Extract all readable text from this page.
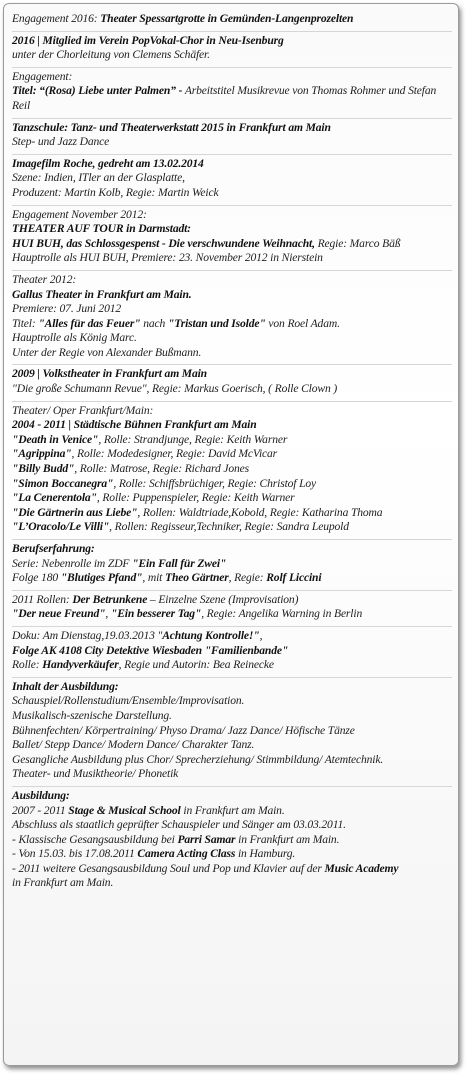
Engagement 2016: Theater Spessartgrotte in Gemünden-Langenprozelten
2016 | Mitglied im Verein PopVokal-Chor in Neu-Isenburg
unter der Chorleitung von Clemens Schäfer.
Engagement:
Titel: “(Rosa) Liebe unter Palmen” - Arbeitstitel Musikrevue von Thomas Rohmer und Stefan Reil
Tanzschule: Tanz- und Theaterwerkstatt 2015 in Frankfurt am Main
Step- und Jazz Dance
Imagefilm Roche, gedreht am 13.02.2014
Szene: Indien, ITler an der Glasplatte,
Produzent: Martin Kolb, Regie: Martin Weick
Engagement November 2012:
THEATER AUF TOUR in Darmstadt:
HUI BUH, das Schlossgespenst - Die verschwundene Weihnacht, Regie: Marco Bäß
Hauptrolle als HUI BUH, Premiere: 23. November 2012 in Nierstein
Theater 2012:
Gallus Theater in Frankfurt am Main.
Premiere: 07. Juni 2012
Titel: "Alles für das Feuer" nach "Tristan und Isolde" von Roel Adam.
Hauptrolle als König Marc.
Unter der Regie von Alexander Bußmann.
2009 | Volkstheater in Frankfurt am Main
"Die große Schumann Revue", Regie: Markus Goerisch, ( Rolle Clown )
Theater/ Oper Frankfurt/Main:
2004 - 2011 | Städtische Bühnen Frankfurt am Main
"Death in Venice", Rolle: Strandjunge, Regie: Keith Warner
"Agrippina", Rolle: Modedesigner, Regie: David McVicar
"Billy Budd", Rolle: Matrose, Regie: Richard Jones
"Simon Boccanegra", Rolle: Schiffsbrüchiger, Regie: Christof Loy
"La Cenerentola", Rolle: Puppenspieler, Regie: Keith Warner
"Die Gärtnerin aus Liebe", Rollen: Waldtriade,Kobold, Regie: Katharina Thoma
"L’Oracolo/Le Villi", Rollen: Regisseur,Techniker, Regie: Sandra Leupold
Berufserfahrung:
Serie: Nebenrolle im ZDF "Ein Fall für Zwei"
Folge 180 "Blutiges Pfand", mit Theo Gärtner, Regie: Rolf Liccini
2011 Rollen: Der Betrunkene – Einzelne Szene (Improvisation)
"Der neue Freund", "Ein besserer Tag", Regie: Angelika Warning in Berlin
Doku: Am Dienstag,19.03.2013 "Achtung Kontrolle!",
Folge AK 4108 City Detektive Wiesbaden "Familienbande"
Rolle: Handyverkäufer, Regie und Autorin: Bea Reinecke
Inhalt der Ausbildung:
Schauspiel/Rollenstudium/Ensemble/Improvisation.
Musikalisch-szenische Darstellung.
Bühnenfechten/ Körpertraining/ Physo Drama/ Jazz Dance/ Höfische Tänze
Ballet/ Stepp Dance/ Modern Dance/ Charakter Tanz.
Gesangliche Ausbildung plus Chor/ Sprecherziehung/ Stimmbildung/ Atemtechnik.
Theater- und Musiktheorie/ Phonetik
Ausbildung:
2007 - 2011 Stage & Musical School in Frankfurt am Main.
Abschluss als staatlich geprüfter Schauspieler und Sänger am 03.03.2011.
- Klassische Gesangsausbildung bei Parri Samar in Frankfurt am Main.
- Von 15.03. bis 17.08.2011 Camera Acting Class in Hamburg.
- 2011 weitere Gesangsausbildung Soul und Pop und Klavier auf der Music Academy
in Frankfurt am Main.
